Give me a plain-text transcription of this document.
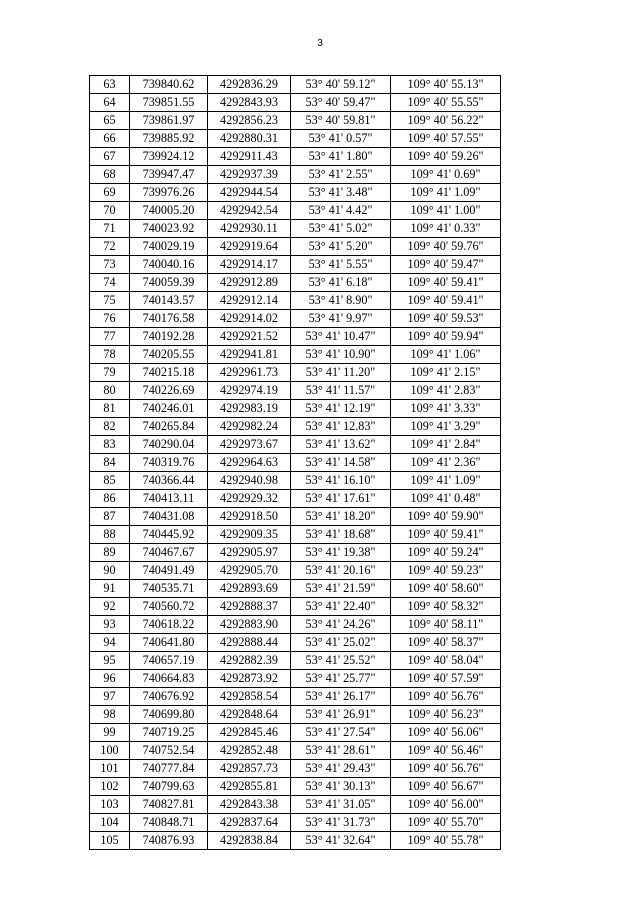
3
63	739840.62	4292836.29	53° 40' 59.12"	109° 40' 55.13"
64	739851.55	4292843.93	53° 40' 59.47"	109° 40' 55.55"
65	739861.97	4292856.23	53° 40' 59.81"	109° 40' 56.22"
66	739885.92	4292880.31	53° 41' 0.57"	109° 40' 57.55"
67	739924.12	4292911.43	53° 41' 1.80"	109° 40' 59.26"
68	739947.47	4292937.39	53° 41' 2.55"	109° 41' 0.69"
69	739976.26	4292944.54	53° 41' 3.48"	109° 41' 1.09"
70	740005.20	4292942.54	53° 41' 4.42"	109° 41' 1.00"
71	740023.92	4292930.11	53° 41' 5.02"	109° 41' 0.33"
72	740029.19	4292919.64	53° 41' 5.20"	109° 40' 59.76"
73	740040.16	4292914.17	53° 41' 5.55"	109° 40' 59.47"
74	740059.39	4292912.89	53° 41' 6.18"	109° 40' 59.41"
75	740143.57	4292912.14	53° 41' 8.90"	109° 40' 59.41"
76	740176.58	4292914.02	53° 41' 9.97"	109° 40' 59.53"
77	740192.28	4292921.52	53° 41' 10.47"	109° 40' 59.94"
78	740205.55	4292941.81	53° 41' 10.90"	109° 41' 1.06"
79	740215.18	4292961.73	53° 41' 11.20"	109° 41' 2.15"
80	740226.69	4292974.19	53° 41' 11.57"	109° 41' 2.83"
81	740246.01	4292983.19	53° 41' 12.19"	109° 41' 3.33"
82	740265.84	4292982.24	53° 41' 12.83"	109° 41' 3.29"
83	740290.04	4292973.67	53° 41' 13.62"	109° 41' 2.84"
84	740319.76	4292964.63	53° 41' 14.58"	109° 41' 2.36"
85	740366.44	4292940.98	53° 41' 16.10"	109° 41' 1.09"
86	740413.11	4292929.32	53° 41' 17.61"	109° 41' 0.48"
87	740431.08	4292918.50	53° 41' 18.20"	109° 40' 59.90"
88	740445.92	4292909.35	53° 41' 18.68"	109° 40' 59.41"
89	740467.67	4292905.97	53° 41' 19.38"	109° 40' 59.24"
90	740491.49	4292905.70	53° 41' 20.16"	109° 40' 59.23"
91	740535.71	4292893.69	53° 41' 21.59"	109° 40' 58.60"
92	740560.72	4292888.37	53° 41' 22.40"	109° 40' 58.32"
93	740618.22	4292883.90	53° 41' 24.26"	109° 40' 58.11"
94	740641.80	4292888.44	53° 41' 25.02"	109° 40' 58.37"
95	740657.19	4292882.39	53° 41' 25.52"	109° 40' 58.04"
96	740664.83	4292873.92	53° 41' 25.77"	109° 40' 57.59"
97	740676.92	4292858.54	53° 41' 26.17"	109° 40' 56.76"
98	740699.80	4292848.64	53° 41' 26.91"	109° 40' 56.23"
99	740719.25	4292845.46	53° 41' 27.54"	109° 40' 56.06"
100	740752.54	4292852.48	53° 41' 28.61"	109° 40' 56.46"
101	740777.84	4292857.73	53° 41' 29.43"	109° 40' 56.76"
102	740799.63	4292855.81	53° 41' 30.13"	109° 40' 56.67"
103	740827.81	4292843.38	53° 41' 31.05"	109° 40' 56.00"
104	740848.71	4292837.64	53° 41' 31.73"	109° 40' 55.70"
105	740876.93	4292838.84	53° 41' 32.64"	109° 40' 55.78"
